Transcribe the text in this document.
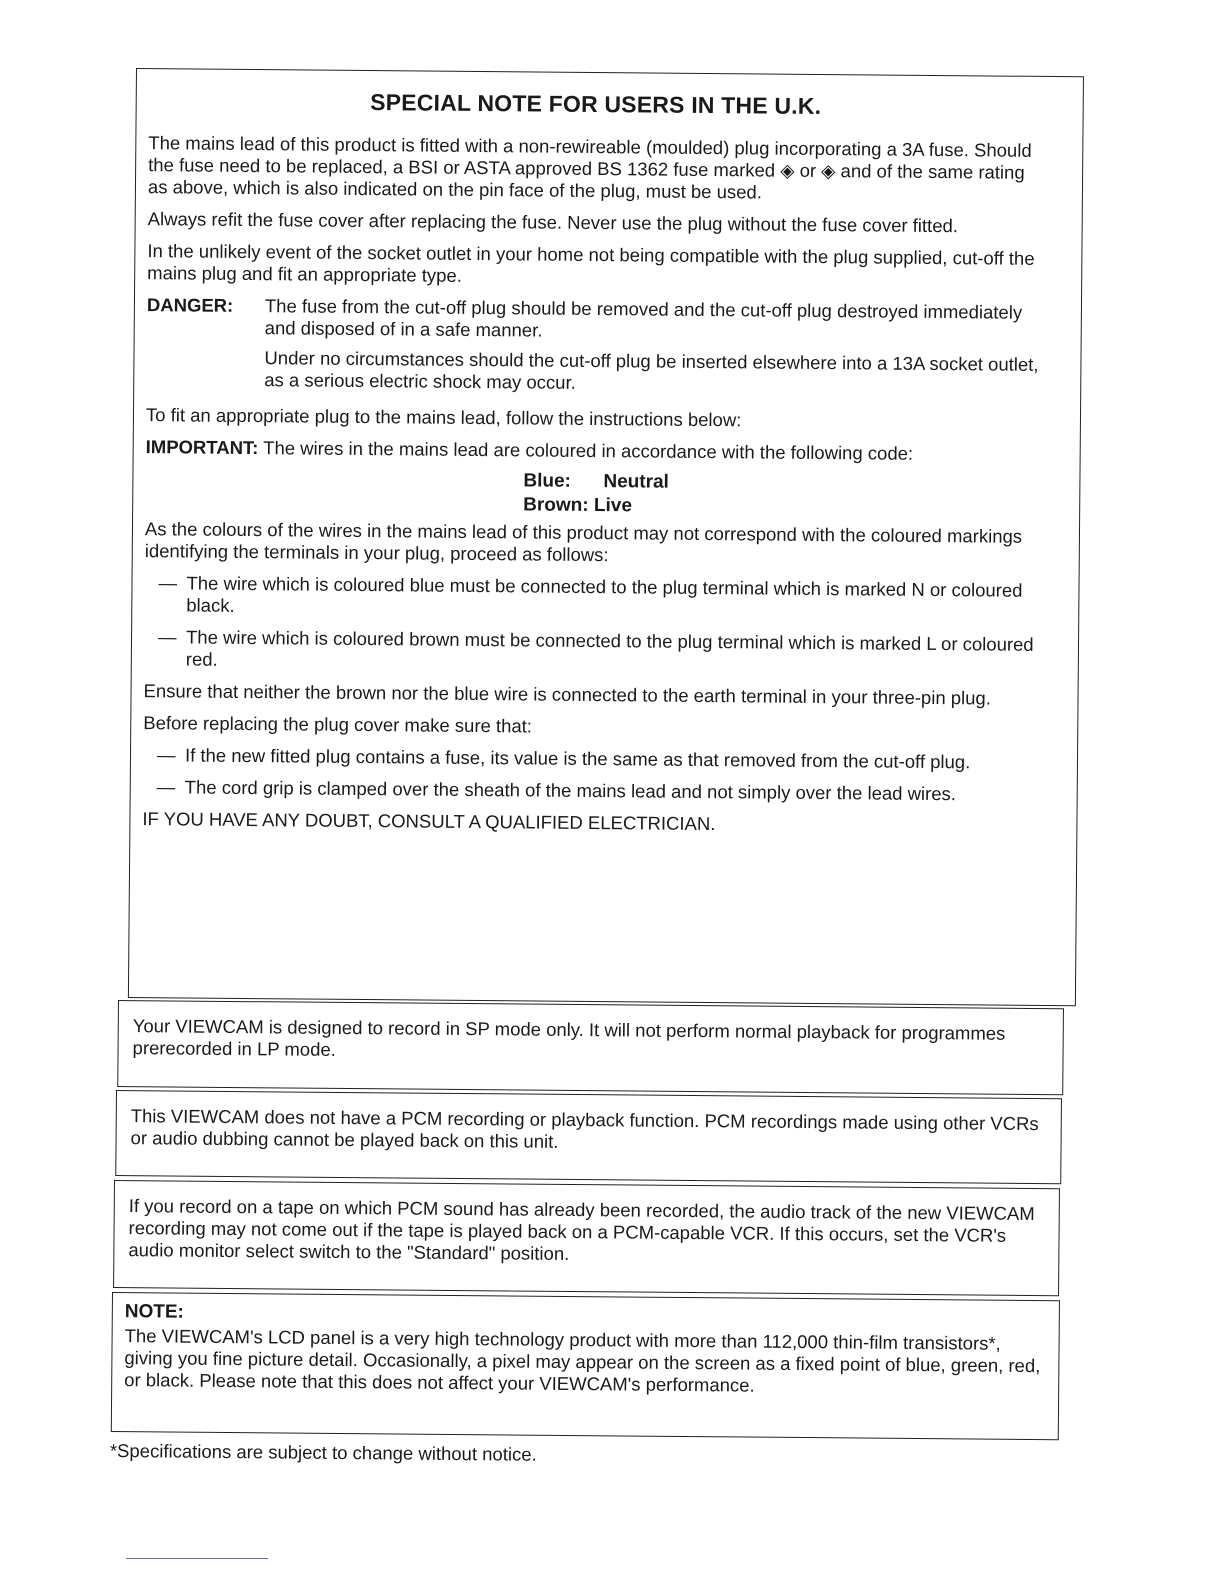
SPECIAL NOTE FOR USERS IN THE U.K.
The mains lead of this product is fitted with a non-rewireable (moulded) plug incorporating a 3A fuse. Should the fuse need to be replaced, a BSI or ASTA approved BS 1362 fuse marked ◈ or ◈ and of the same rating as above, which is also indicated on the pin face of the plug, must be used.
Always refit the fuse cover after replacing the fuse. Never use the plug without the fuse cover fitted.
In the unlikely event of the socket outlet in your home not being compatible with the plug supplied, cut-off the mains plug and fit an appropriate type.
DANGER:	The fuse from the cut-off plug should be removed and the cut-off plug destroyed immediately and disposed of in a safe manner.
Under no circumstances should the cut-off plug be inserted elsewhere into a 13A socket outlet, as a serious electric shock may occur.
To fit an appropriate plug to the mains lead, follow the instructions below:
IMPORTANT: The wires in the mains lead are coloured in accordance with the following code:
Blue: Neutral
Brown: Live
As the colours of the wires in the mains lead of this product may not correspond with the coloured markings identifying the terminals in your plug, proceed as follows:
— The wire which is coloured blue must be connected to the plug terminal which is marked N or coloured black.
— The wire which is coloured brown must be connected to the plug terminal which is marked L or coloured red.
Ensure that neither the brown nor the blue wire is connected to the earth terminal in your three-pin plug.
Before replacing the plug cover make sure that:
— If the new fitted plug contains a fuse, its value is the same as that removed from the cut-off plug.
— The cord grip is clamped over the sheath of the mains lead and not simply over the lead wires.
IF YOU HAVE ANY DOUBT, CONSULT A QUALIFIED ELECTRICIAN.
Your VIEWCAM is designed to record in SP mode only. It will not perform normal playback for programmes prerecorded in LP mode.
This VIEWCAM does not have a PCM recording or playback function. PCM recordings made using other VCRs or audio dubbing cannot be played back on this unit.
If you record on a tape on which PCM sound has already been recorded, the audio track of the new VIEWCAM recording may not come out if the tape is played back on a PCM-capable VCR. If this occurs, set the VCR's audio monitor select switch to the "Standard" position.
NOTE:
The VIEWCAM's LCD panel is a very high technology product with more than 112,000 thin-film transistors*, giving you fine picture detail. Occasionally, a pixel may appear on the screen as a fixed point of blue, green, red, or black. Please note that this does not affect your VIEWCAM's performance.
*Specifications are subject to change without notice.
